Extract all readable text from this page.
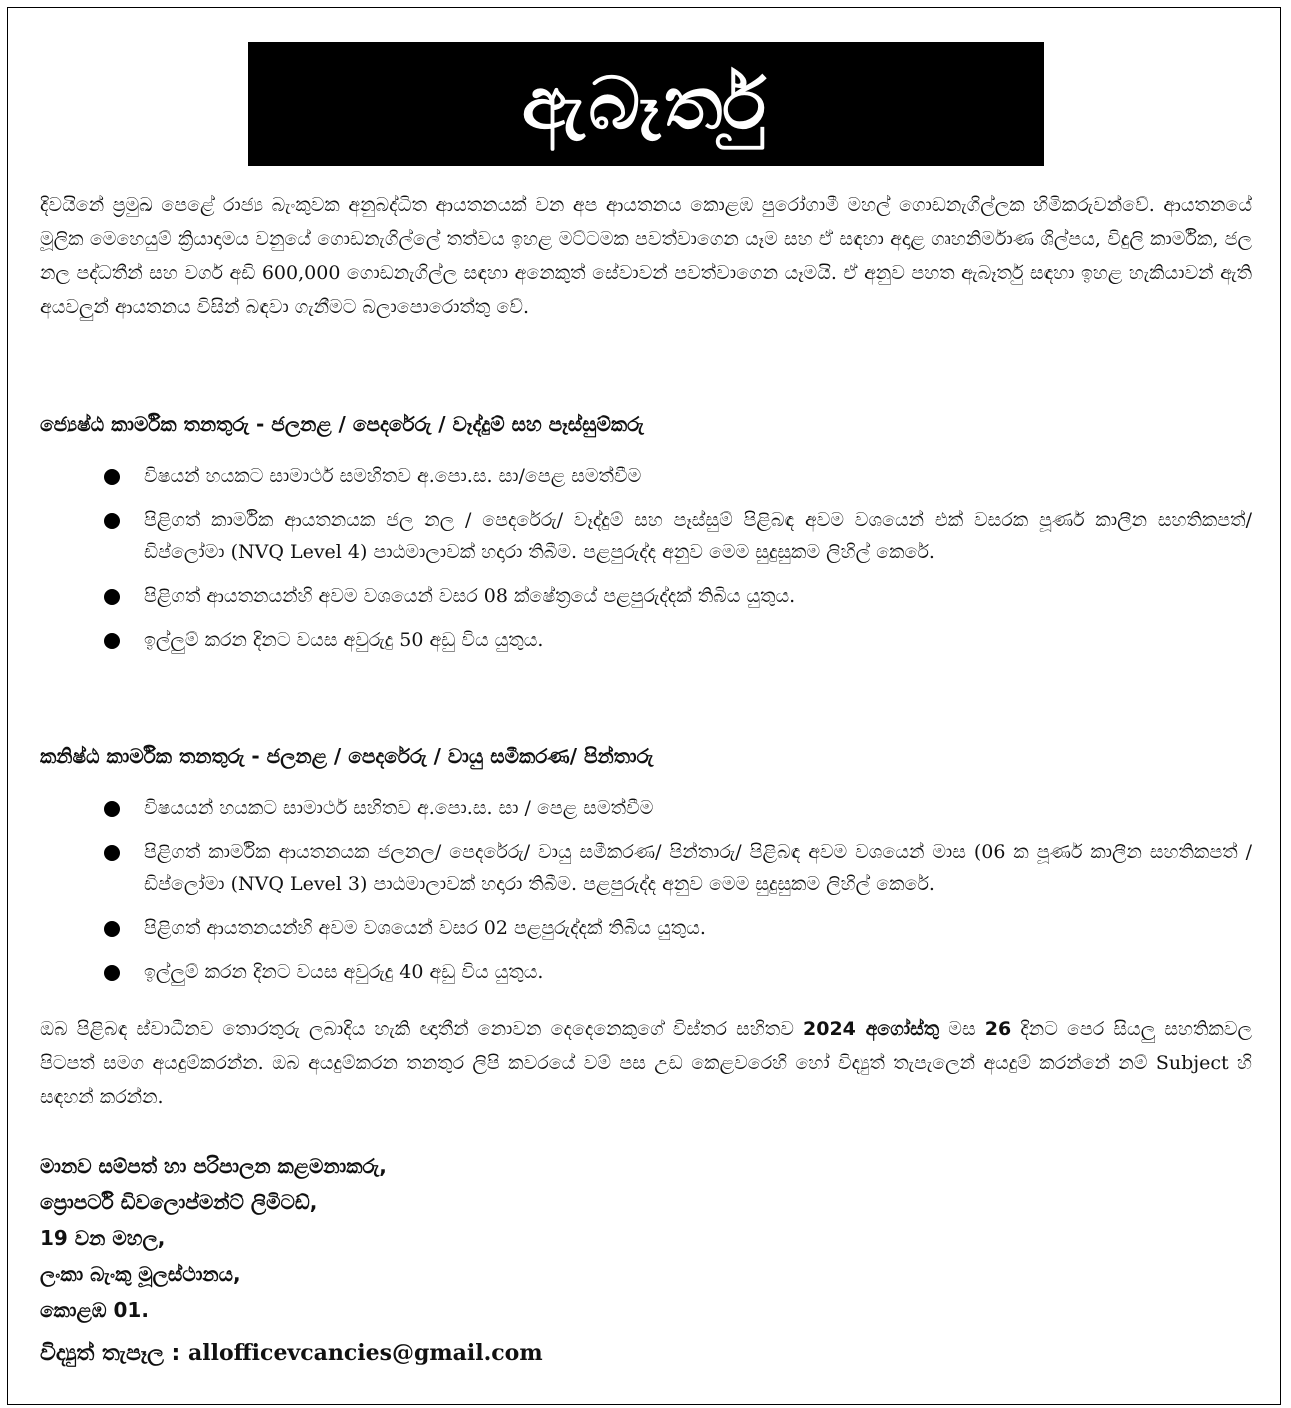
ඇබෑර්තු

දිවයිනේ ප්‍රමුඛ පෙළේ රාජ්‍ය බැංකුවක අනුබද්ධිත ආයතනයක් වන අප ආයතනය කොළඹ පුරෝගාමී මහල් ගොඩනැගිල්ලක හිමිකරුවන්වේ. ආයතනයේ මූලික මෙහෙයුම් ක්‍රියාදාමය වනුයේ ගොඩනැගිල්ලේ තත්වය ඉහළ මට්ටමක පවත්වාගෙන යෑම සහ ඒ සඳහා අදාළ ගෘහනිර්මාණ ශිල්පය, විදුලි කාර්මික, ජල නල පද්ධතීන් සහ වර්ග අඩි 600,000 ගොඩනැගිල්ල සඳහා අනෙකුත් සේවාවන් පවත්වාගෙන යෑමයි. ඒ අනුව පහත ඇබෑර්තු සඳහා ඉහළ හැකියාවන් ඇති අයවලුන් ආයතනය විසින් බඳවා ගැනීමට බලාපොරොත්තු වේ.

ජ්‍යෙෂ්ඨ කාර්මික තනතුරු - ජලනළ / පෙදරේරු / වෑද්දුම් සහ පෑස්සුම්කරු
විෂයන් හයකට සාමාර්ථ සමහිතව අ.පො.ස. සා/පෙළ සමත්වීම
පිළිගත් කාර්මික ආයතනයක ජල නල / පෙදරේරු/ වෑද්දුම් සහ පෑස්සුම් පිළිබඳ අවම වශයෙන් එක් වසරක පූර්ණ කාලීන සහතිකපත්/ ඩිප්ලෝමා (NVQ Level 4) පාඨමාලාවක් හදාරා තිබීම. පළපුරුද්ද අනුව මෙම සුදුසුකම ලිහිල් කෙරේ.
පිළිගත් ආයතනයන්හි අවම වශයෙන් වසර 08 ක්ෂේත්‍රයේ පළපුරුද්දක් තිබිය යුතුය.
ඉල්ලුම් කරන දිනට වයස අවුරුදු 50 අඩු විය යුතුය.
කනිෂ්ඨ කාර්මික තනතුරු - ජලනළ / පෙදරේරු / වායු සමීකරණ/ පින්තාරු
විෂයයන් හයකට සාමාර්ථ සහිතව අ.පො.ස. සා / පෙළ සමත්වීම
පිළිගත් කාර්මික ආයතනයක ජලනල/ පෙදරේරු/ වායු සමීකරණ/ පින්තාරු/ පිළිබඳ අවම වශයෙන් මාස (06 ක පූර්ණ කාලීන සහතිකපත් / ඩිප්ලෝමා (NVQ Level 3) පාඨමාලාවක් හදාරා තිබීම. පළපුරුද්ද අනුව මෙම සුදුසුකම ලිහිල් කෙරේ.
පිළිගත් ආයතනයන්හි අවම වශයෙන් වසර 02 පළපුරුද්දක් තිබිය යුතුය.
ඉල්ලුම් කරන දිනට වයස අවුරුදු 40 අඩු විය යුතුය.

ඔබ පිළිබඳ ස්වාධීනව තොරතුරු ලබාදිය හැකි ඥාතීන් නොවන දෙදෙනෙකුගේ විස්තර සහිතව 2024 අගෝස්තු මස 26 දිනට පෙර සියලු සහතිකවල පිටපත් සමග අයදුම්කරන්න. ඔබ අයදුම්කරන තනතුර ලිපි කවරයේ වම් පස උඩ කෙළවරෙහි හෝ විද්‍යුත් තැපැලෙන් අයදුම් කරන්නේ නම් Subject හි සඳහන් කරන්න.

මානව සම්පත් හා පරිපාලන කළමනාකරු,
ප්‍රොපර්ටි ඩිවලොප්මන්ට් ලිමිටඩ්,
19 වන මහල,
ලංකා බැංකු මූලස්ථානය,
කොළඹ 01.
විද්‍යුත් තැපෑල : allofficevcancies@gmail.com
